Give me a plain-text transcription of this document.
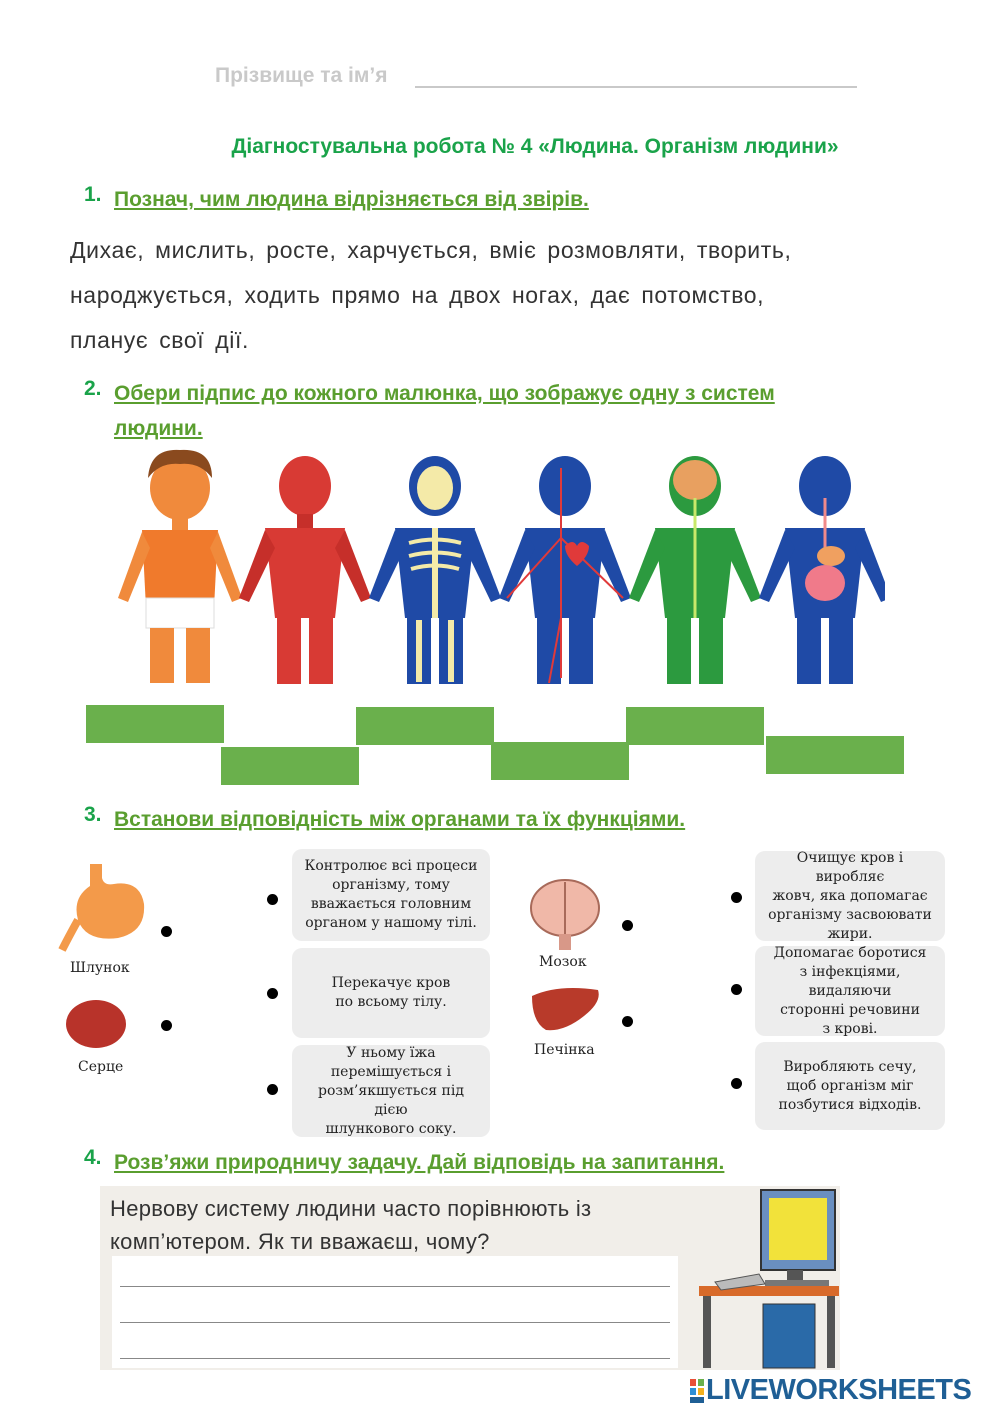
Прізвище та ім’я
Діагностувальна робота № 4 «Людина. Організм людини»
1. Познач, чим людина відрізняється від звірів.
Дихає, мислить, росте, харчується, вміє розмовляти, творить,
народжується, ходить прямо на двох ногах, дає потомство,
планує свої дії.
2. Обери підпис до кожного малюнка, що зображує одну з систем
людини.
3. Встанови відповідність між органами та їх функціями.
Шлунок
Серце
Контролює всі процеси
організму, тому
вважається головним
органом у нашому тілі.
Перекачує кров
по всьому тілу.
У ньому їжа
перемішується і
розм’якшується під дією
шлункового соку.
Мозок
Печінка
Очищує кров і виробляє
жовч, яка допомагає
організму засвоювати
жири.
Допомагає боротися
з інфекціями, видаляючи
сторонні речовини
з крові.
Виробляють сечу,
щоб організм міг
позбутися відходів.
4. Розв’яжи природничу задачу. Дай відповідь на запитання.
Нервову систему людини часто порівнюють із
комп’ютером. Як ти вважаєш, чому?
LIVEWORKSHEETS
